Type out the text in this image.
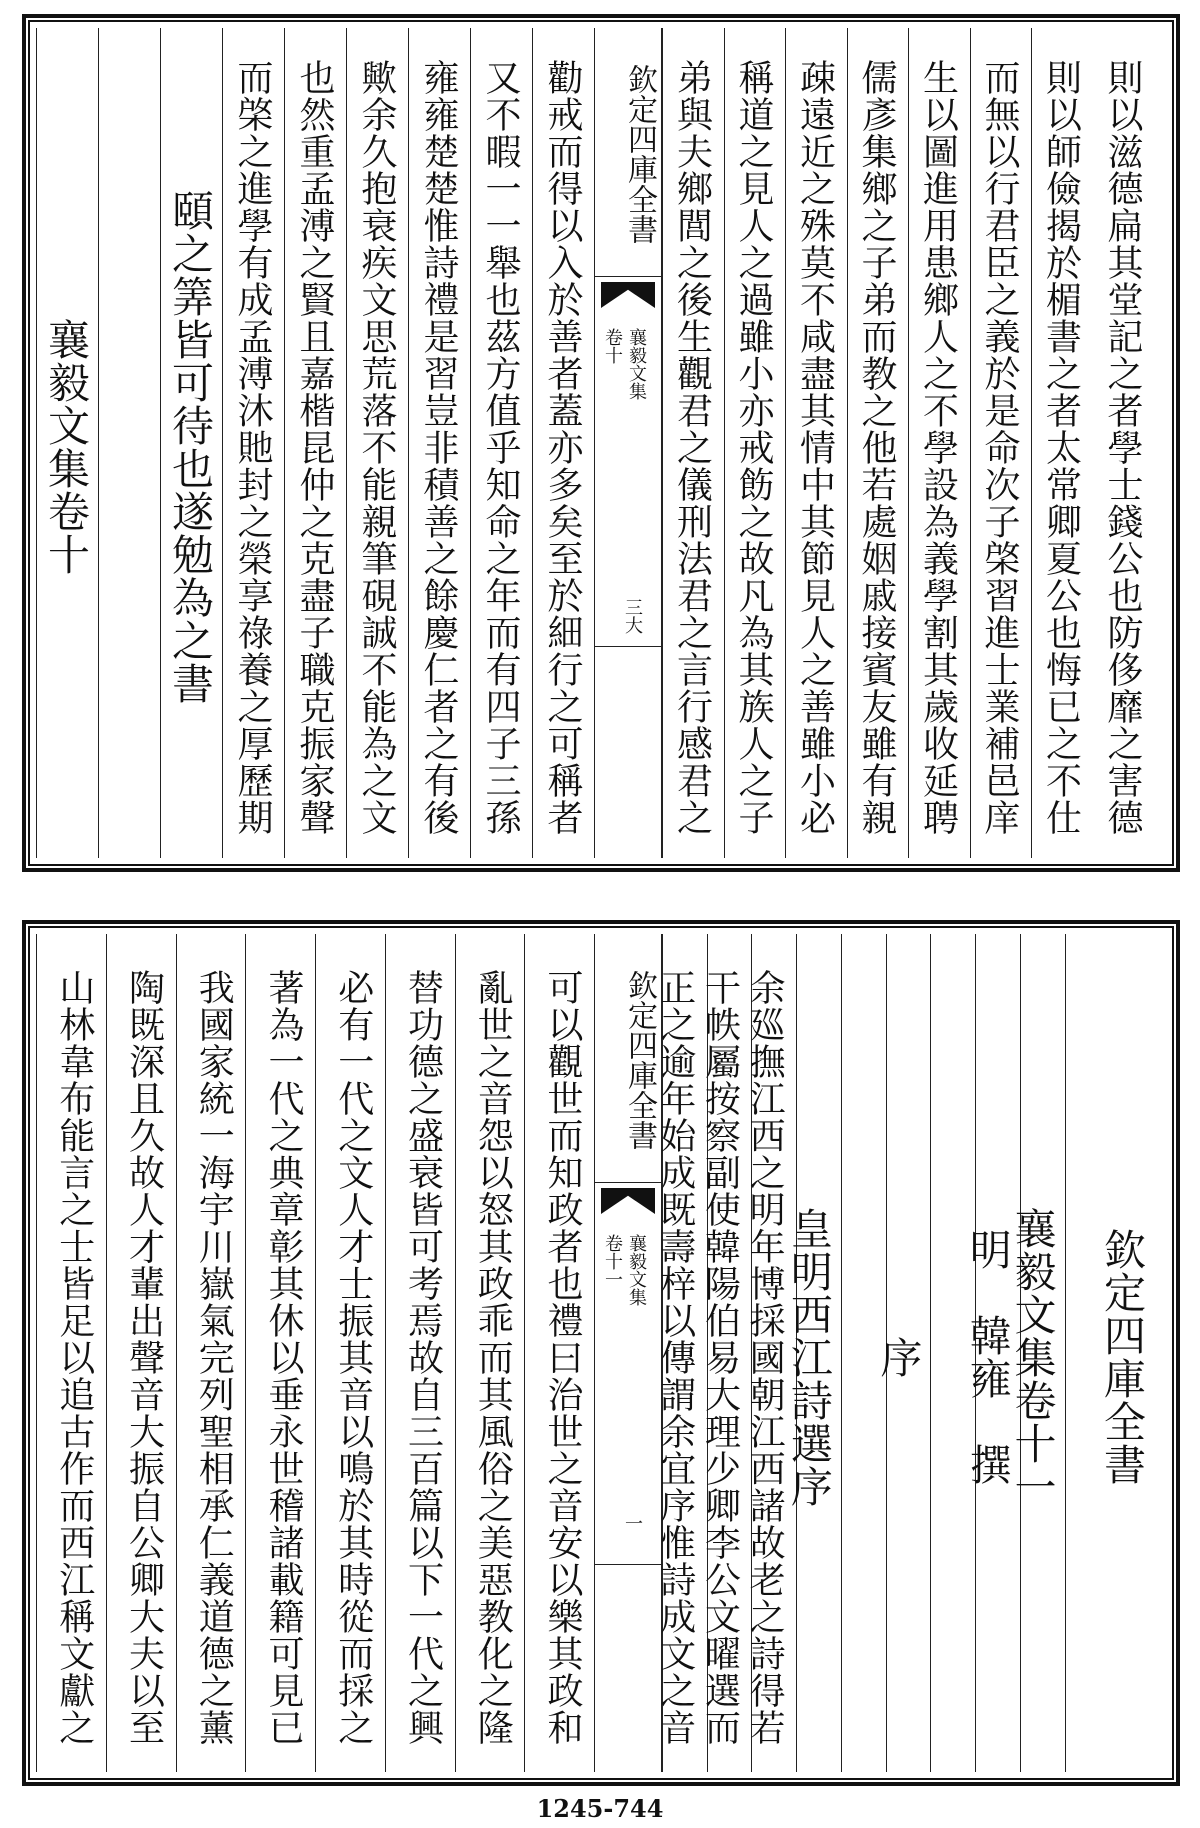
則以滋德扁其堂記之者學士錢公也防侈靡之害德
則以師儉揭於楣書之者太常卿夏公也悔已之不仕
而無以行君臣之義於是命次子棨習進士業補邑庠
生以圖進用患鄉人之不學設為義學割其歲收延聘
儒彥集鄉之子弟而教之他若處姻戚接賓友雖有親
疎遠近之殊莫不咸盡其情中其節見人之善雖小必
稱道之見人之過雖小亦戒飭之故凡為其族人之子
弟與夫鄉閭之後生觀君之儀刑法君之言行感君之
欽定四庫全書
襄毅文集
卷十
三大
勸戒而得以入於善者蓋亦多矣至於細行之可稱者
又不暇一一舉也茲方值乎知命之年而有四子三孫
雍雍楚楚惟詩禮是習豈非積善之餘慶仁者之有後
歟余久抱衰疾文思荒落不能親筆硯誠不能為之文
也然重孟溥之賢且嘉楷昆仲之克盡子職克振家聲
而棨之進學有成孟溥沐貤封之榮享祿養之厚歷期
頤之筭皆可待也遂勉為之書
襄毅文集卷十
欽定四庫全書
襄毅文集卷十一
明　韓雍　撰
序
皇明西江詩選序
余廵撫江西之明年博採國朝江西諸故老之詩得若
干帙屬按察副使韓陽伯易大理少卿李公文曜選而
正之逾年始成既壽梓以傳謂余宜序惟詩成文之音
欽定四庫全書
襄毅文集
卷十一
一
可以觀世而知政者也禮曰治世之音安以樂其政和
亂世之音怨以怒其政乖而其風俗之美惡教化之隆
替功德之盛衰皆可考焉故自三百篇以下一代之興
必有一代之文人才士振其音以鳴於其時從而採之
著為一代之典章彰其休以垂永世稽諸載籍可見已
我國家統一海宇川嶽氣完列聖相承仁義道德之薰
陶既深且久故人才輩出聲音大振自公卿大夫以至
山林韋布能言之士皆足以追古作而西江稱文獻之
1245-744
